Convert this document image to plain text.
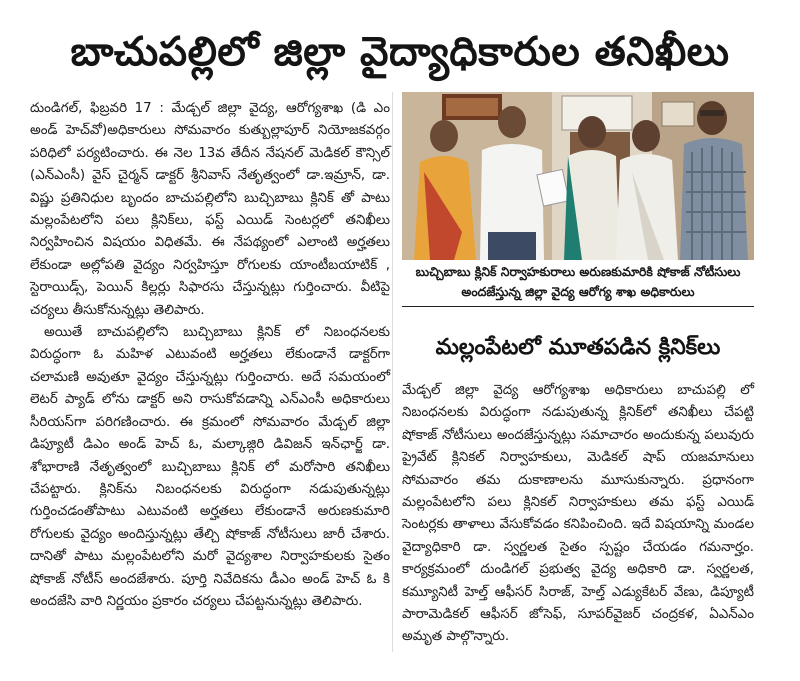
బాచుపల్లిలో జిల్లా వైద్యాధికారుల తనిఖీలు

దుండిగల్, ఫిబ్రవరి 17 : మేడ్చల్ జిల్లా వైద్య, ఆరోగ్యశాఖ (డి ఎం అండ్ హెచ్‌వో)అధికారులు సోమవారం కుత్బుల్లాపూర్ నియోజకవర్గం పరిధిలో పర్యటించారు. ఈ నెల 13వ తేదీన నేషనల్ మెడికల్ కౌన్సిల్ (ఎన్ఎంసీ) వైస్ చైర్మన్ డాక్టర్ శ్రీనివాస్ నేతృత్వంలో డా.ఇమ్రాన్, డా. విష్ణు ప్రతినిధుల బృందం బాచుపల్లిలోని బుచ్చిబాబు క్లినిక్ తో పాటు మల్లంపేటలోని పలు క్లినిక్‌లు, ఫస్ట్ ఎయిడ్ సెంటర్లలో తనిఖీలు నిర్వహించిన విషయం విధితమే. ఈ నేపథ్యంలో ఎలాంటి అర్హతలు లేకుండా అల్లోపతి వైద్యం నిర్వహిస్తూ రోగులకు యాంటీబయాటిక్ , స్టెరాయిడ్స్, పెయిన్ కిల్లర్లు సిఫారసు చేస్తున్నట్లు గుర్తించారు. వీటిపై చర్యలు తీసుకోనున్నట్లు తెలిపారు.

అయితే బాచుపల్లిలోని బుచ్చిబాబు క్లినిక్ లో నిబంధనలకు విరుద్ధంగా ఓ మహిళ ఎటువంటి అర్హతలు లేకుండానే డాక్టర్‌గా చలామణి అవుతూ వైద్యం చేస్తున్నట్లు గుర్తించారు. అదే సమయంలో లెటర్ ప్యాడ్ లోను డాక్టర్ అని రాసుకోవడాన్ని ఎన్ఎంసీ అధికారులు సీరియస్‌గా పరిగణించారు. ఈ క్రమంలో సోమవారం మేడ్చల్ జిల్లా డిప్యూటీ డిఎం అండ్ హెచ్ ఓ, మల్కాజ్గిరి డివిజన్ ఇన్‌ఛార్జ్ డా. శోభారాణి నేతృత్వంలో బుచ్చిబాబు క్లినిక్ లో మరోసారి తనిఖీలు చేపట్టారు. క్లినిక్‌ను నిబంధనలకు విరుద్ధంగా నడుపుతున్నట్లు గుర్తించడంతోపాటు ఎటువంటి అర్హతలు లేకుండానే అరుణకుమారి రోగులకు వైద్యం అందిస్తున్నట్లు తేల్చి షోకాజ్ నోటీసులు జారీ చేశారు. దానితో పాటు మల్లంపేటలోని మరో వైద్యశాల నిర్వాహకులకు సైతం షోకాజ్ నోటీస్ అందజేశారు. పూర్తి నివేదికను డీఎం అండ్ హెచ్ ఓ కి అందజేసి వారి నిర్ణయం ప్రకారం చర్యలు చేపట్టనున్నట్లు తెలిపారు.

బుచ్చిబాబు క్లినిక్ నిర్వాహకురాలు అరుణకుమారికి షోకాజ్ నోటీసులు అందజేస్తున్న జిల్లా వైద్య ఆరోగ్య శాఖ అధికారులు
మల్లంపేటలో మూతపడిన క్లినిక్‌లు

మేడ్చల్ జిల్లా వైద్య ఆరోగ్యశాఖ అధికారులు బాచుపల్లి లో నిబంధనలకు విరుద్ధంగా నడుపుతున్న క్లినిక్‌లో తనిఖీలు చేపట్టి షోకాజ్ నోటీసులు అందజేస్తున్నట్లు సమాచారం అందుకున్న పలువురు ప్రైవేట్ క్లినికల్ నిర్వాహకులు, మెడికల్ షాప్ యజమానులు సోమవారం తమ దుకాణాలను మూసుకున్నారు. ప్రధానంగా మల్లంపేటలోని పలు క్లినికల్ నిర్వాహకులు తమ ఫస్ట్ ఎయిడ్ సెంటర్లకు తాళాలు వేసుకోవడం కనిపించింది. ఇదే విషయాన్ని మండల వైద్యాధికారి డా. స్వర్ణలత సైతం స్పష్టం చేయడం గమనార్హం. కార్యక్రమంలో దుండిగల్ ప్రభుత్వ వైద్య అధికారి డా. స్వర్ణలత, కమ్యూనిటీ హెల్త్ ఆఫీసర్ సిరాజ్, హెల్త్ ఎడ్యుకేటర్ వేణు, డిప్యూటీ పారామెడికల్ ఆఫీసర్ జోసెఫ్, సూపర్‌వైజర్ చంద్రకళ, ఏఎన్ఎం అమృత పాల్గొన్నారు.
